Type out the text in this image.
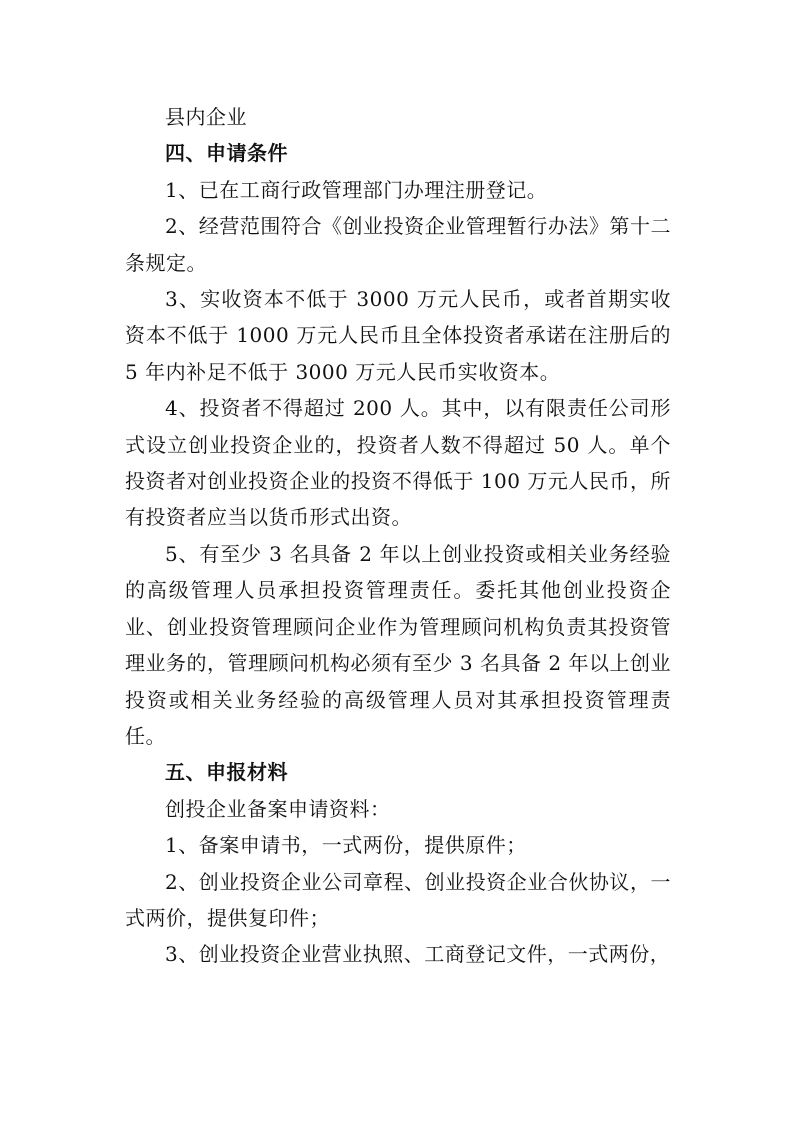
县内企业

四、申请条件

1、已在工商行政管理部门办理注册登记。

2、经营范围符合《创业投资企业管理暂行办法》第十二条规定。

3、实收资本不低于 3000 万元人民币，或者首期实收资本不低于 1000 万元人民币且全体投资者承诺在注册后的 5 年内补足不低于 3000 万元人民币实收资本。

4、投资者不得超过 200 人。其中，以有限责任公司形式设立创业投资企业的，投资者人数不得超过 50 人。单个投资者对创业投资企业的投资不得低于 100 万元人民币，所有投资者应当以货币形式出资。

5、有至少 3 名具备 2 年以上创业投资或相关业务经验的高级管理人员承担投资管理责任。委托其他创业投资企业、创业投资管理顾问企业作为管理顾问机构负责其投资管理业务的，管理顾问机构必须有至少 3 名具备 2 年以上创业投资或相关业务经验的高级管理人员对其承担投资管理责任。

五、申报材料

创投企业备案申请资料：

1、备案申请书，一式两份，提供原件；

2、创业投资企业公司章程、创业投资企业合伙协议，一式两价，提供复印件；

3、创业投资企业营业执照、工商登记文件，一式两份，
